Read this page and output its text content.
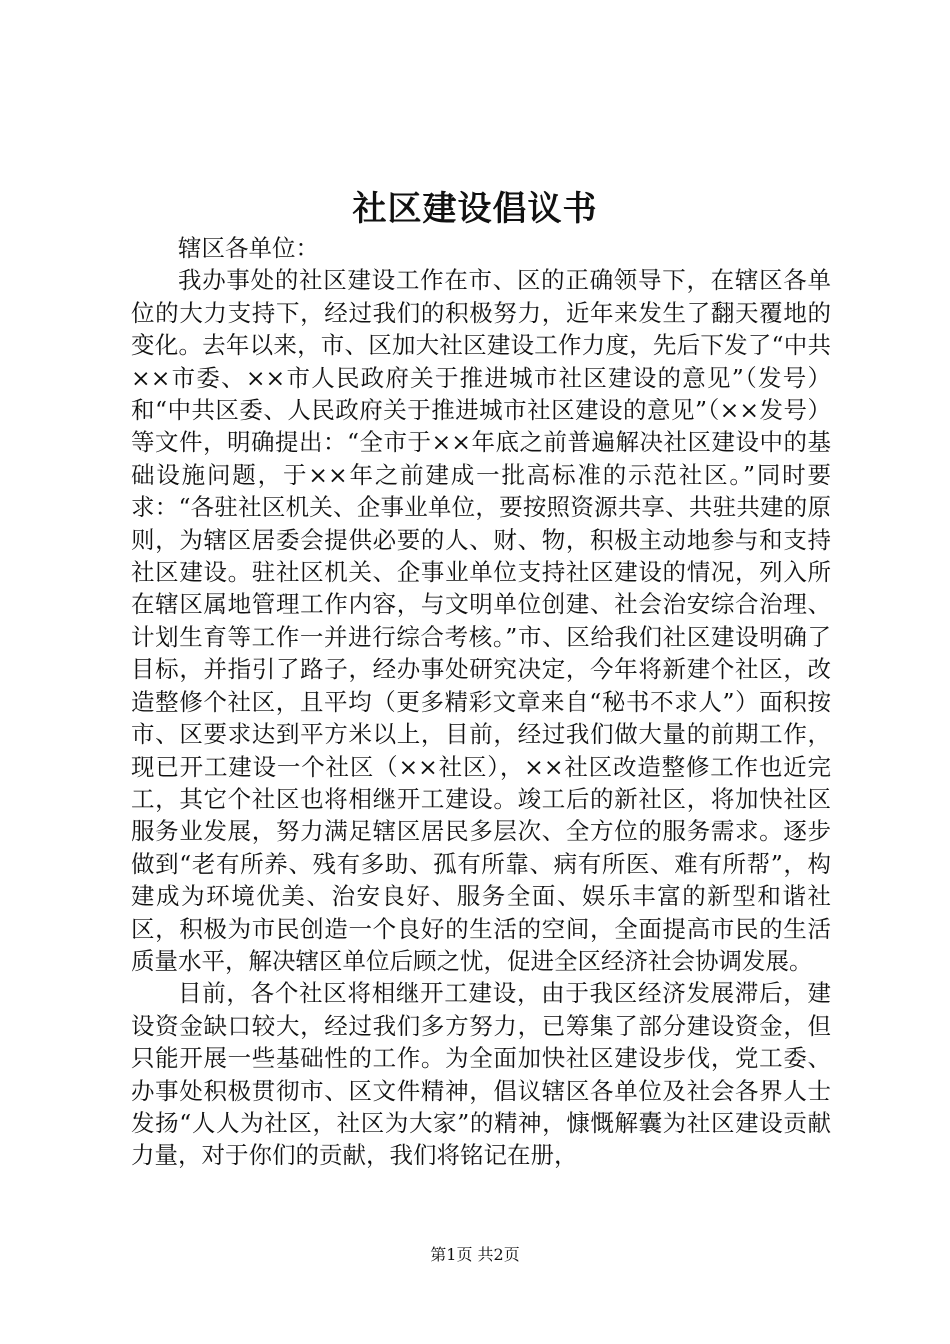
社区建设倡议书

辖区各单位：

我办事处的社区建设工作在市、区的正确领导下，在辖区各单位的大力支持下，经过我们的积极努力，近年来发生了翻天覆地的变化。去年以来，市、区加大社区建设工作力度，先后下发了“中共××市委、××市人民政府关于推进城市社区建设的意见”（发号）和“中共区委、人民政府关于推进城市社区建设的意见”（××发号）等文件，明确提出：“全市于××年底之前普遍解决社区建设中的基础设施问题，于××年之前建成一批高标准的示范社区。”同时要求：“各驻社区机关、企事业单位，要按照资源共享、共驻共建的原则，为辖区居委会提供必要的人、财、物，积极主动地参与和支持社区建设。驻社区机关、企事业单位支持社区建设的情况，列入所在辖区属地管理工作内容，与文明单位创建、社会治安综合治理、计划生育等工作一并进行综合考核。”市、区给我们社区建设明确了目标，并指引了路子，经办事处研究决定，今年将新建个社区，改造整修个社区，且平均（更多精彩文章来自“秘书不求人”）面积按市、区要求达到平方米以上，目前，经过我们做大量的前期工作，现已开工建设一个社区（××社区），××社区改造整修工作也近完工，其它个社区也将相继开工建设。竣工后的新社区，将加快社区服务业发展，努力满足辖区居民多层次、全方位的服务需求。逐步做到“老有所养、残有多助、孤有所靠、病有所医、难有所帮”，构建成为环境优美、治安良好、服务全面、娱乐丰富的新型和谐社区，积极为市民创造一个良好的生活的空间，全面提高市民的生活质量水平，解决辖区单位后顾之忧，促进全区经济社会协调发展。

目前，各个社区将相继开工建设，由于我区经济发展滞后，建设资金缺口较大，经过我们多方努力，已筹集了部分建设资金，但只能开展一些基础性的工作。为全面加快社区建设步伐，党工委、办事处积极贯彻市、区文件精神，倡议辖区各单位及社会各界人士发扬“人人为社区，社区为大家”的精神，慷慨解囊为社区建设贡献力量，对于你们的贡献，我们将铭记在册，

第1页 共2页
